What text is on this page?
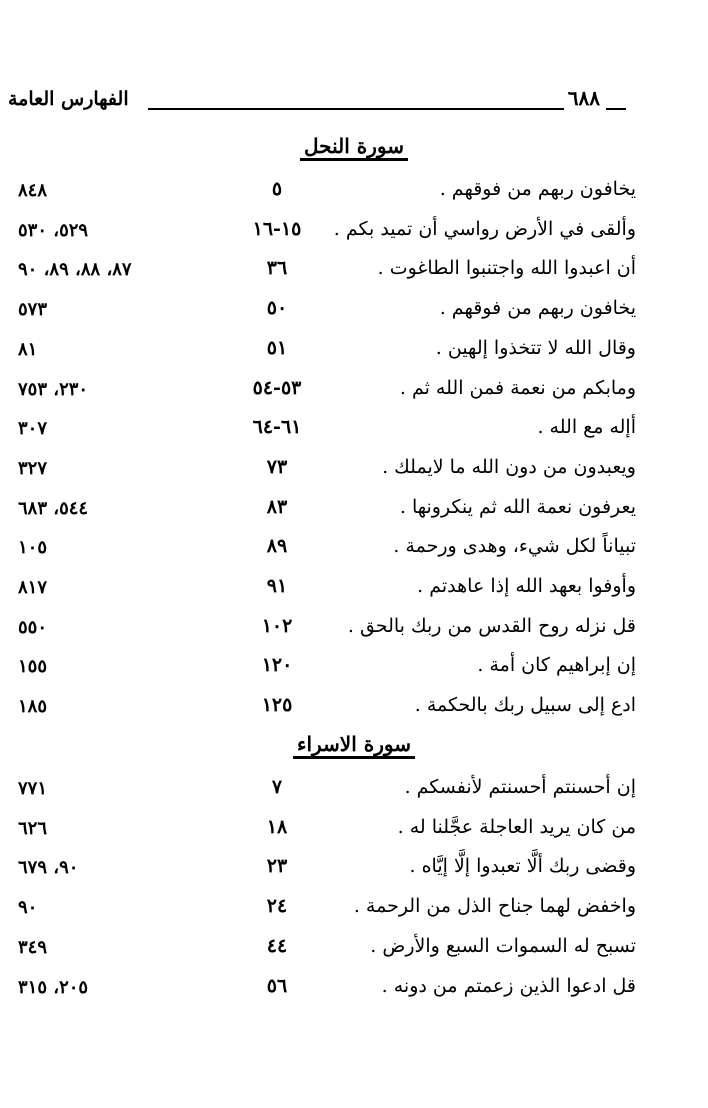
الفهارس العامة	٦٨٨
سورة النحل
يخافون ربهم من فوقهم .
٥
٨٤٨
وألقى في الأرض رواسي أن تميد بكم .
١٥-١٦
٥٢٩، ٥٣٠
أن اعبدوا الله واجتنبوا الطاغوت .
٣٦
٨٧، ٨٨، ٨٩، ٩٠
يخافون ربهم من فوقهم .
٥٠
٥٧٣
وقال الله لا تتخذوا إلهين .
٥١
٨١
ومابكم من نعمة فمن الله ثم .
٥٣-٥٤
٢٣٠، ٧٥٣
أإله مع الله .
٦١-٦٤
٣٠٧
ويعبدون من دون الله ما لايملك .
٧٣
٣٢٧
يعرفون نعمة الله ثم ينكرونها .
٨٣
٥٤٤، ٦٨٣
تبياناً لكل شيء، وهدى ورحمة .
٨٩
١٠٥
وأوفوا بعهد الله إذا عاهدتم .
٩١
٨١٧
قل نزله روح القدس من ربك بالحق .
١٠٢
٥٥٠
إن إبراهيم كان أمة .
١٢٠
١٥٥
ادع إلى سبيل ربك بالحكمة .
١٢٥
١٨٥
سورة الاسراء
إن أحسنتم أحسنتم لأنفسكم .
٧
٧٧١
من كان يريد العاجلة عجَّلنا له .
١٨
٦٢٦
وقضى ربك ألَّا تعبدوا إلَّا إيَّاه .
٢٣
٩٠، ٦٧٩
واخفض لهما جناح الذل من الرحمة .
٢٤
٩٠
تسبح له السموات السبع والأرض .
٤٤
٣٤٩
قل ادعوا الذين زعمتم من دونه .
٥٦
٢٠٥، ٣١٥
